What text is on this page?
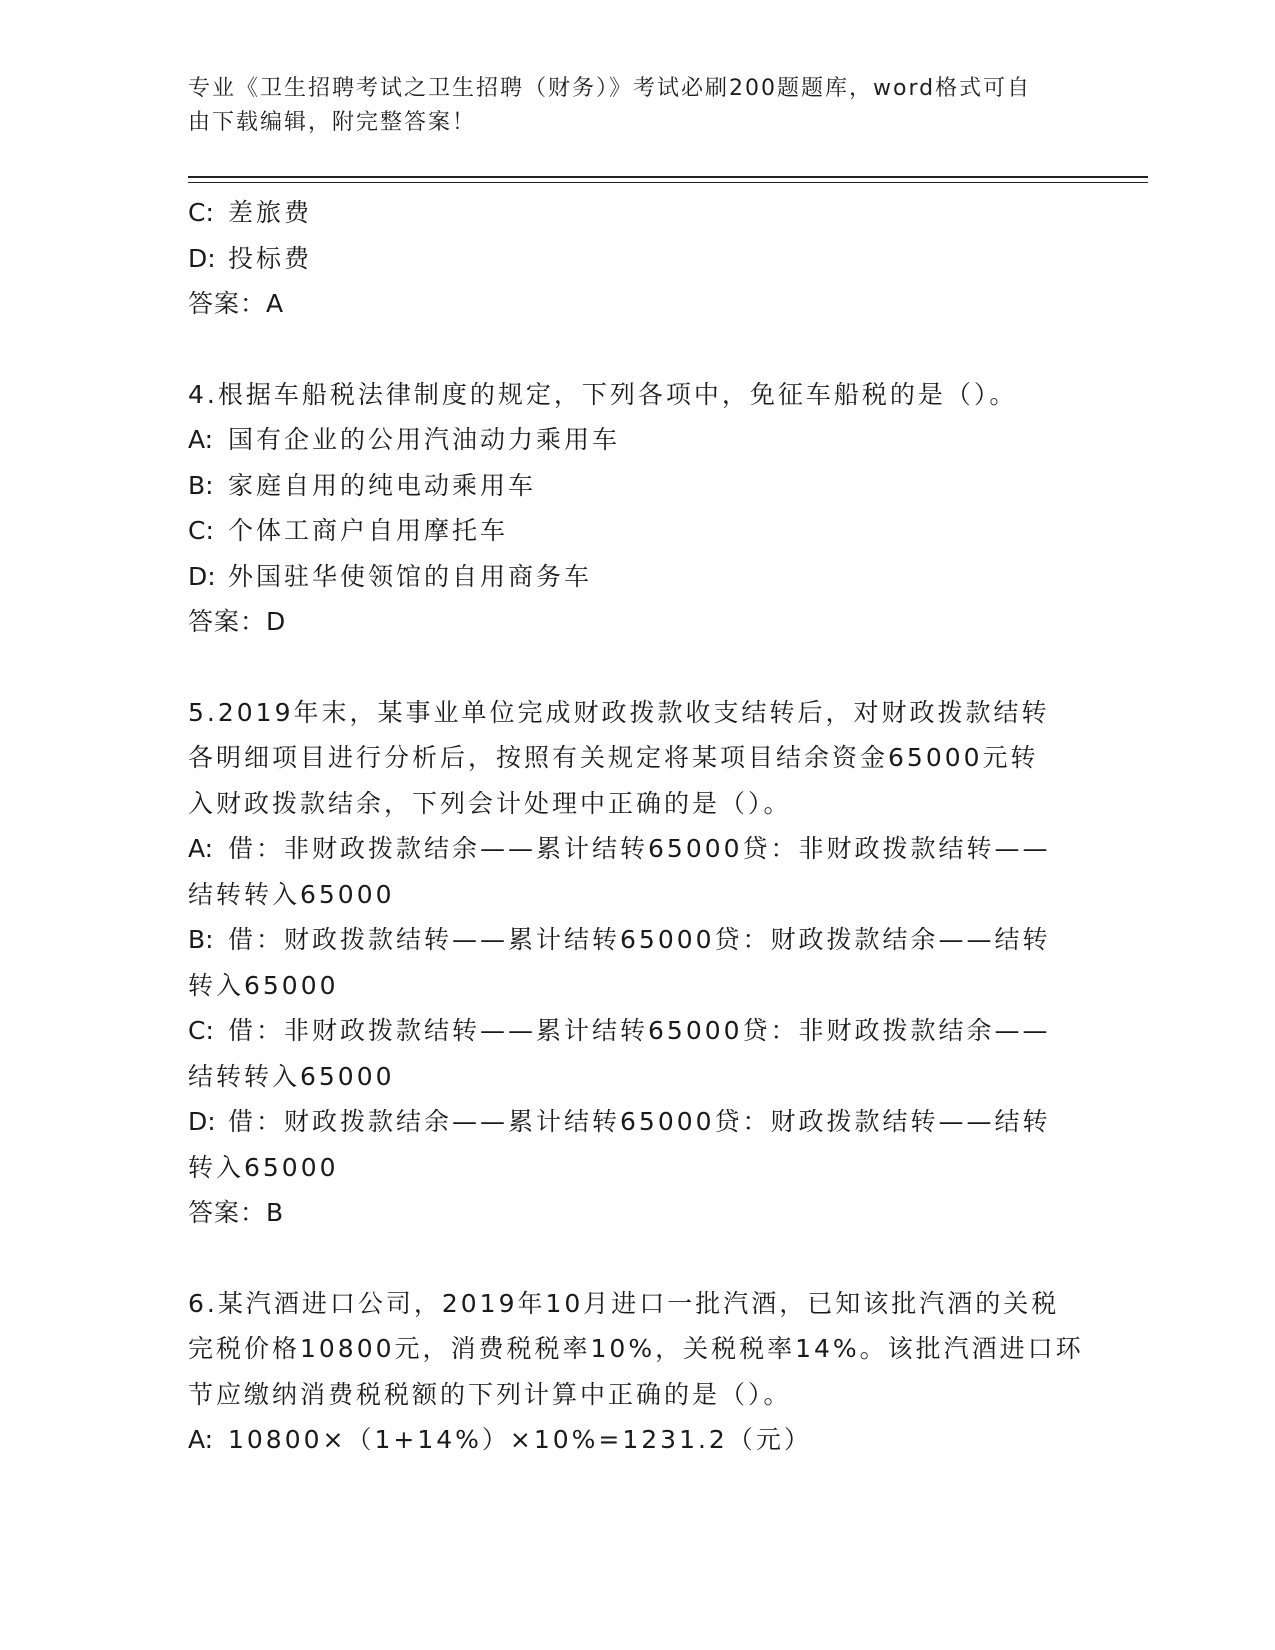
专业《卫生招聘考试之卫生招聘（财务）》考试必刷200题题库，word格式可自
由下载编辑，附完整答案！
C: 差旅费
D: 投标费
答案：A
4.根据车船税法律制度的规定，下列各项中，免征车船税的是（）。
A: 国有企业的公用汽油动力乘用车
B: 家庭自用的纯电动乘用车
C: 个体工商户自用摩托车
D: 外国驻华使领馆的自用商务车
答案：D
5.2019年末，某事业单位完成财政拨款收支结转后，对财政拨款结转
各明细项目进行分析后，按照有关规定将某项目结余资金65000元转
入财政拨款结余，下列会计处理中正确的是（）。
A: 借：非财政拨款结余——累计结转65000贷：非财政拨款结转——
结转转入65000
B: 借：财政拨款结转——累计结转65000贷：财政拨款结余——结转
转入65000
C: 借：非财政拨款结转——累计结转65000贷：非财政拨款结余——
结转转入65000
D: 借：财政拨款结余——累计结转65000贷：财政拨款结转——结转
转入65000
答案：B
6.某汽酒进口公司，2019年10月进口一批汽酒，已知该批汽酒的关税
完税价格10800元，消费税税率10%，关税税率14%。该批汽酒进口环
节应缴纳消费税税额的下列计算中正确的是（）。
A: 10800×（1+14%）×10%=1231.2（元）
